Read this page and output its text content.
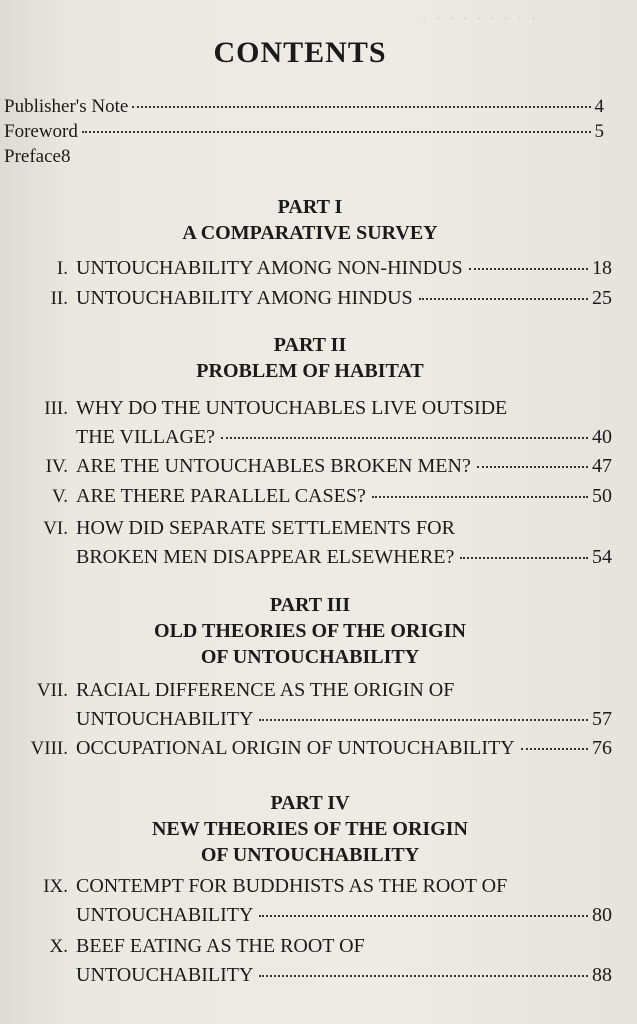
· · · · · · · · ·
CONTENTS
Publisher's Note	4
Foreword	5
Preface8
PART I
A COMPARATIVE SURVEY
I. UNTOUCHABILITY AMONG NON-HINDUS	18
II. UNTOUCHABILITY AMONG HINDUS	25
PART II
PROBLEM OF HABITAT
III. WHY DO THE UNTOUCHABLES LIVE OUTSIDE
THE VILLAGE?	40
IV. ARE THE UNTOUCHABLES BROKEN MEN?	47
V. ARE THERE PARALLEL CASES?	50
VI. HOW DID SEPARATE SETTLEMENTS FOR
BROKEN MEN DISAPPEAR ELSEWHERE?	54
PART III
OLD THEORIES OF THE ORIGIN
OF UNTOUCHABILITY
VII. RACIAL DIFFERENCE AS THE ORIGIN OF
UNTOUCHABILITY	57
VIII. OCCUPATIONAL ORIGIN OF UNTOUCHABILITY	76
PART IV
NEW THEORIES OF THE ORIGIN
OF UNTOUCHABILITY
IX. CONTEMPT FOR BUDDHISTS AS THE ROOT OF
UNTOUCHABILITY	80
X. BEEF EATING AS THE ROOT OF
UNTOUCHABILITY	88
